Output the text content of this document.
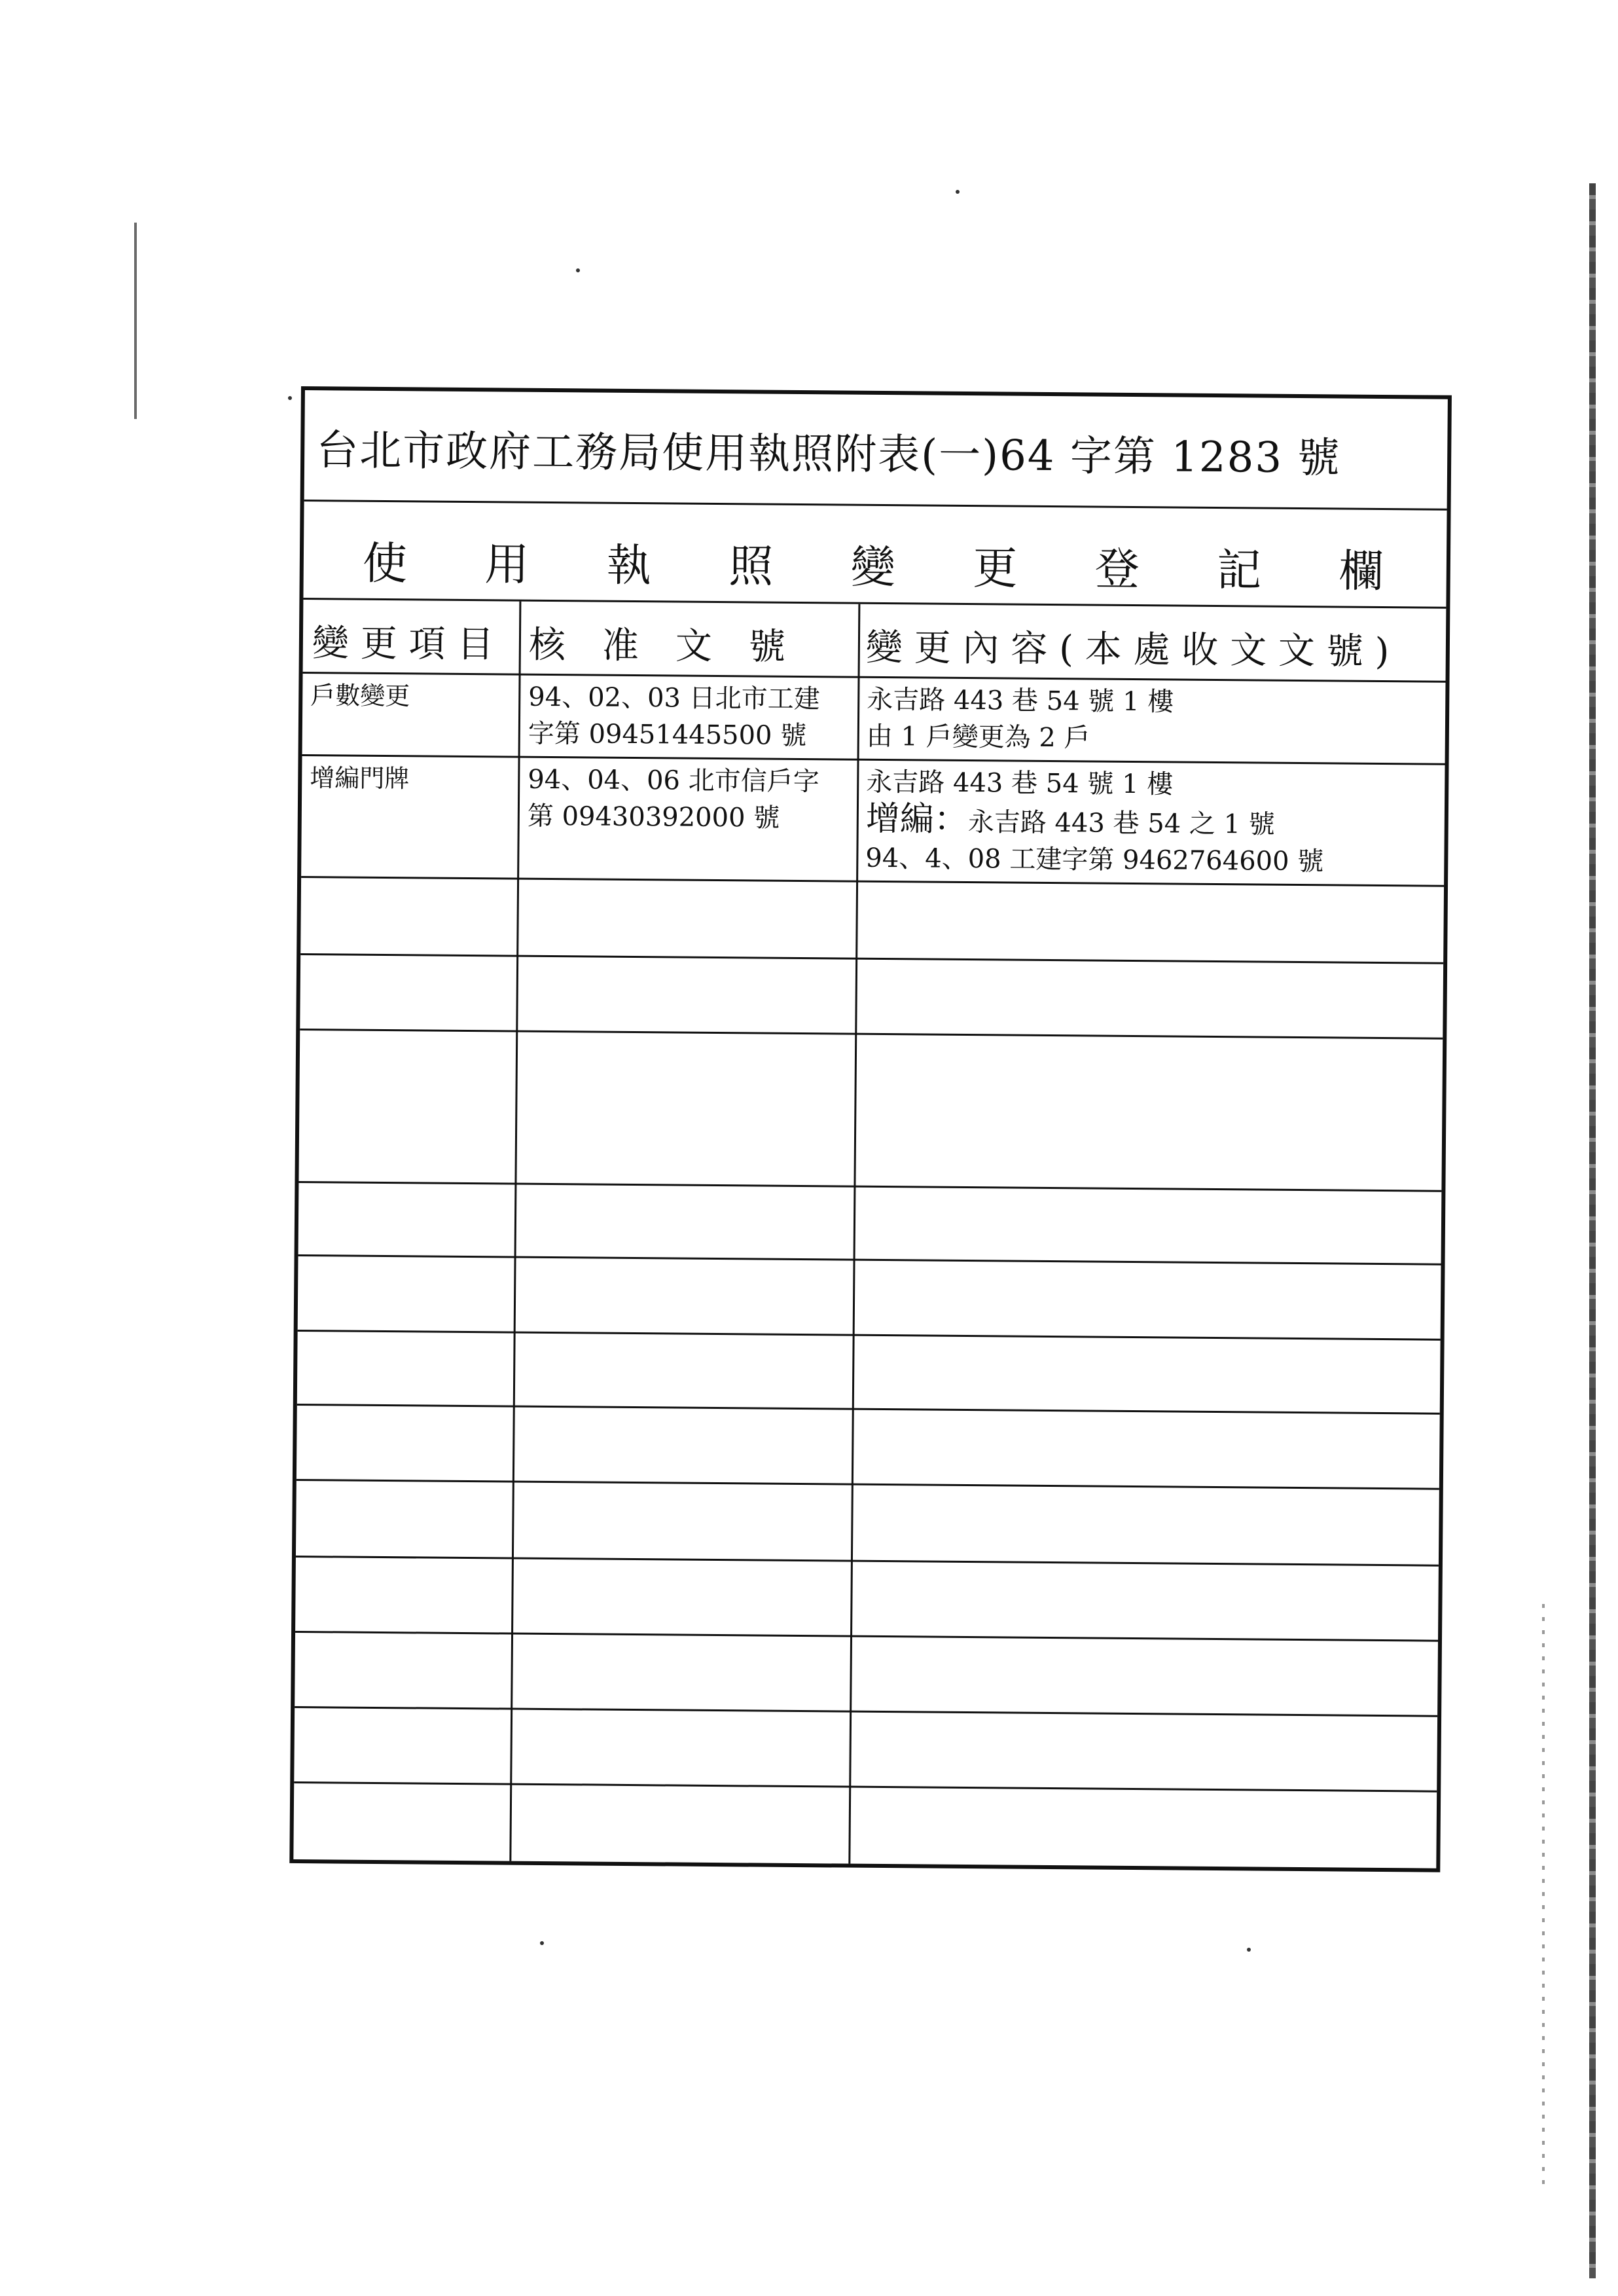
台北市政府工務局使用執照附表(一)64 字第 1283 號
使 用 執 照 變 更 登 記 欄
變 更 項 目 核　准　文　號 變 更 內 容 ( 本 處 收 文 文 號 )
戶數變更	94、02、03 日北市工建
字第 09451445500 號
永吉路 443 巷 54 號 1 樓
由 1 戶變更為 2 戶
增編門牌	94、04、06 北市信戶字
第 09430392000 號
永吉路 443 巷 54 號 1 樓
增編：永吉路 443 巷 54 之 1 號
94、4、08 工建字第 9462764600 號
